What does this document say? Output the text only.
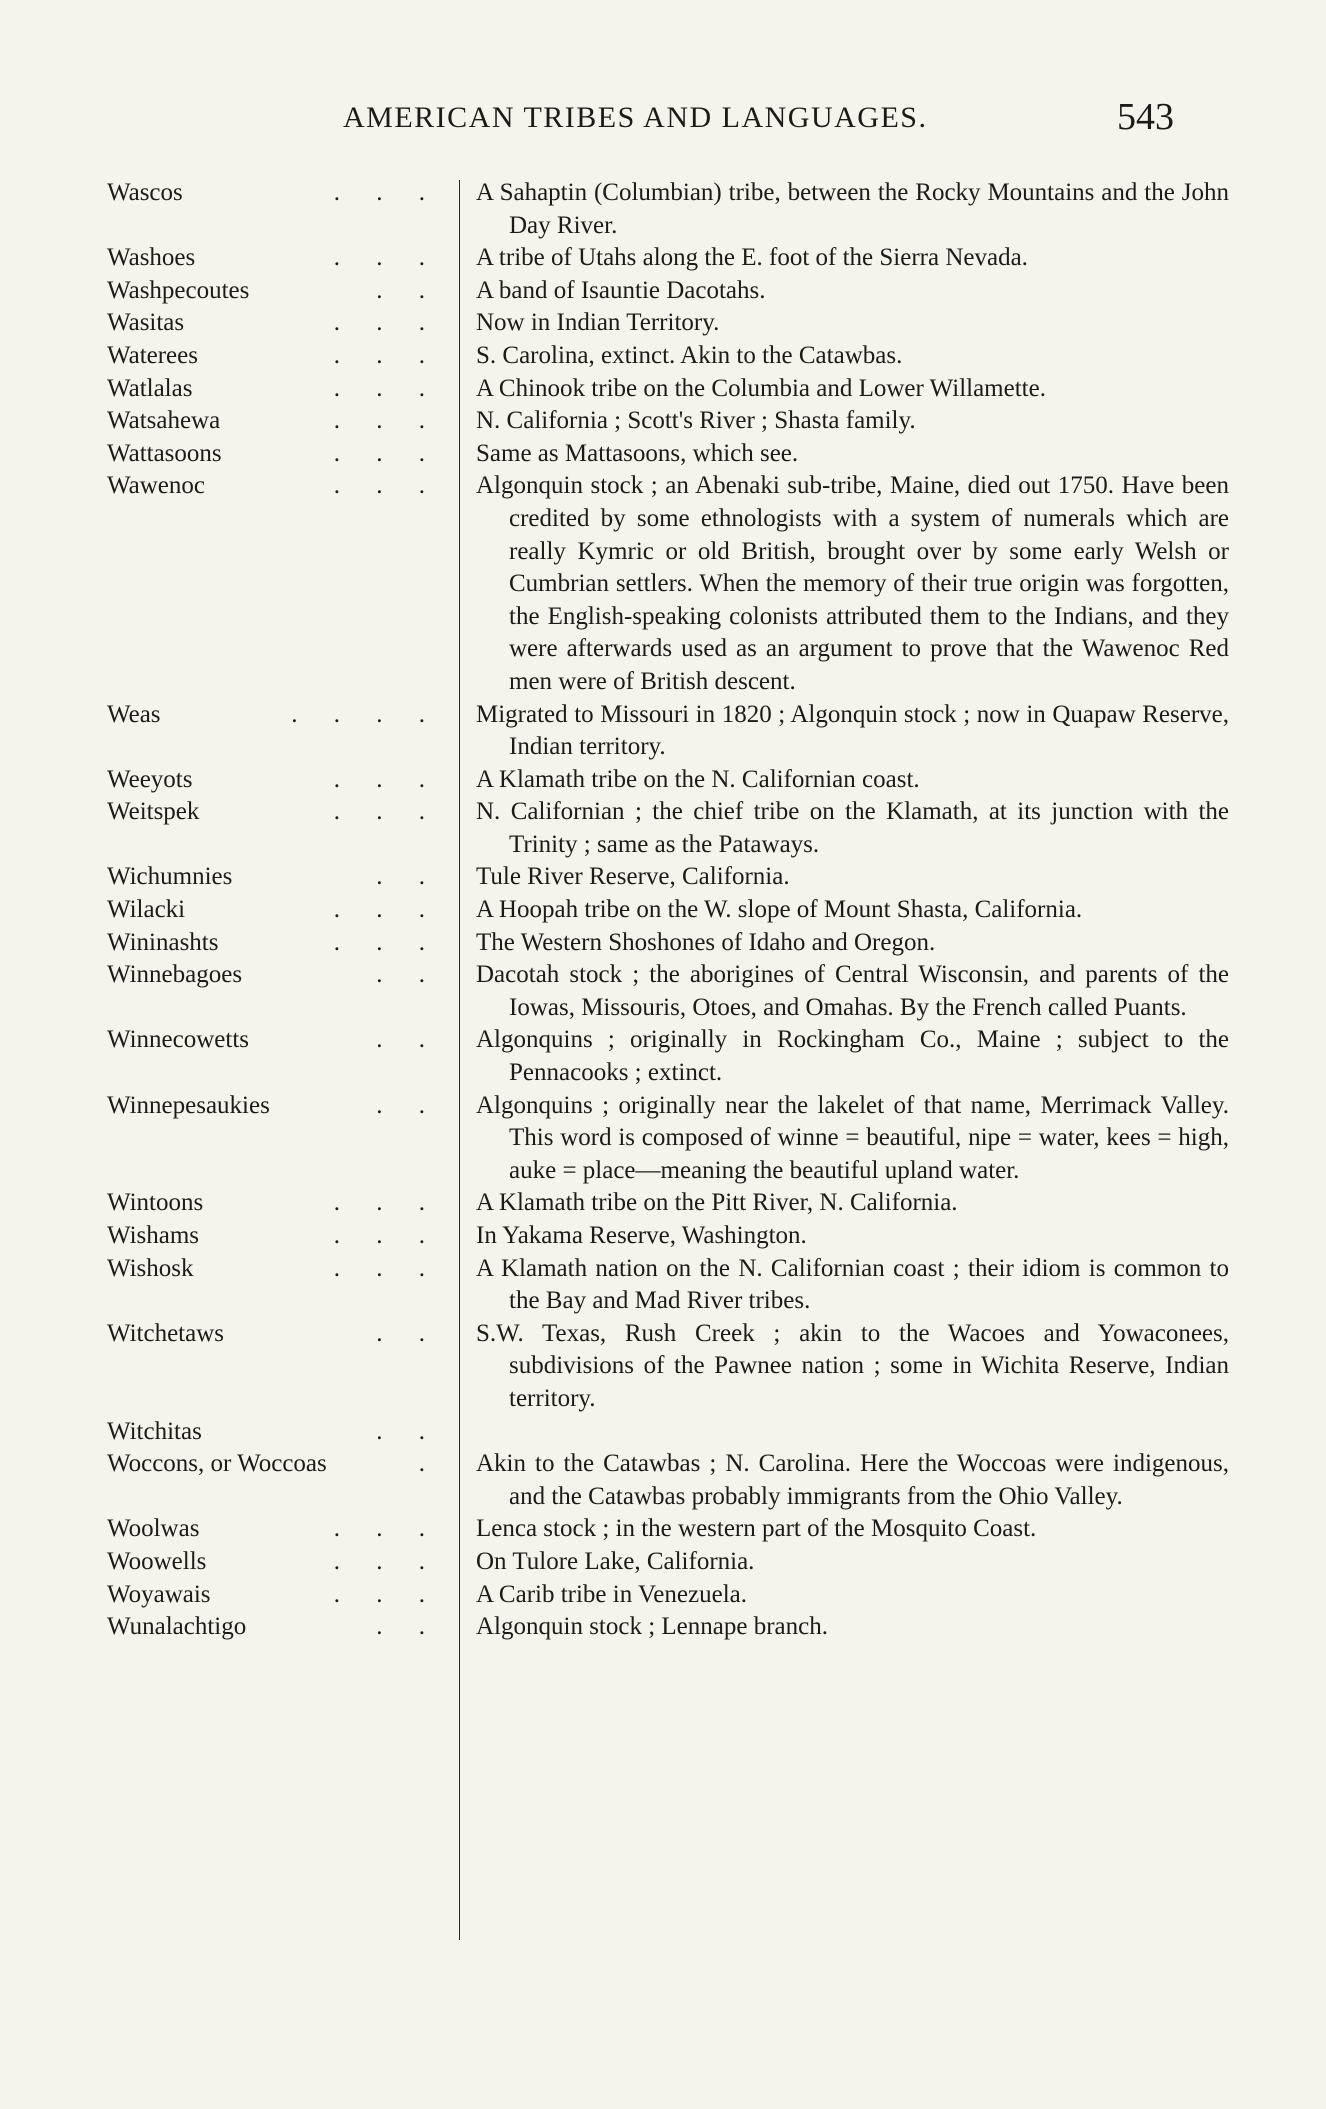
AMERICAN TRIBES AND LANGUAGES.	543
Wascos	. . . A Sahaptin (Columbian) tribe, between the Rocky Mountains and the John Day River.
Washoes	. . . A tribe of Utahs along the E. foot of the Sierra Nevada.
Washpecoutes	. . A band of Isauntie Dacotahs.
Wasitas	. . . Now in Indian Territory.
Waterees	. . . S. Carolina, extinct. Akin to the Catawbas.
Watlalas	. . . A Chinook tribe on the Columbia and Lower Willamette.
Watsahewa	. . . N. California ; Scott's River ; Shasta family.
Wattasoons	. . . Same as Mattasoons, which see.
Wawenoc	. . . Algonquin stock ; an Abenaki sub-tribe, Maine, died out 1750. Have been credited by some ethnologists with a system of numerals which are really Kymric or old British, brought over by some early Welsh or Cumbrian settlers. When the memory of their true origin was forgotten, the English-speaking colonists attributed them to the Indians, and they were afterwards used as an argument to prove that the Wawenoc Red men were of British descent.
Weas	. . . . Migrated to Missouri in 1820 ; Algonquin stock ; now in Quapaw Reserve, Indian territory.
Weeyots	. . . A Klamath tribe on the N. Californian coast.
Weitspek	. . . N. Californian ; the chief tribe on the Klamath, at its junction with the Trinity ; same as the Pataways.
Wichumnies	. . Tule River Reserve, California.
Wilacki	. . . A Hoopah tribe on the W. slope of Mount Shasta, California.
Wininashts	. . . The Western Shoshones of Idaho and Oregon.
Winnebagoes	. . Dacotah stock ; the aborigines of Central Wisconsin, and parents of the Iowas, Missouris, Otoes, and Omahas. By the French called Puants.
Winnecowetts	. . Algonquins ; originally in Rockingham Co., Maine ; subject to the Pennacooks ; extinct.
Winnepesaukies	. . Algonquins ; originally near the lakelet of that name, Merrimack Valley. This word is composed of winne = beautiful, nipe = water, kees = high, auke = place—meaning the beautiful upland water.
Wintoons	. . . A Klamath tribe on the Pitt River, N. California.
Wishams	. . . In Yakama Reserve, Washington.
Wishosk	. . . A Klamath nation on the N. Californian coast ; their idiom is common to the Bay and Mad River tribes.
Witchetaws	. . S.W. Texas, Rush Creek ; akin to the Wacoes and Yowaconees, subdivisions of the Pawnee nation ; some in Wichita Reserve, Indian territory.
Witchitas	. .

Woccons, or Woccoas	. Akin to the Catawbas ; N. Carolina. Here the Woccoas were indigenous, and the Catawbas probably immigrants from the Ohio Valley.
Woolwas	. . . Lenca stock ; in the western part of the Mosquito Coast.
Woowells	. . . On Tulore Lake, California.
Woyawais	. . . A Carib tribe in Venezuela.
Wunalachtigo	. . Algonquin stock ; Lennape branch.
